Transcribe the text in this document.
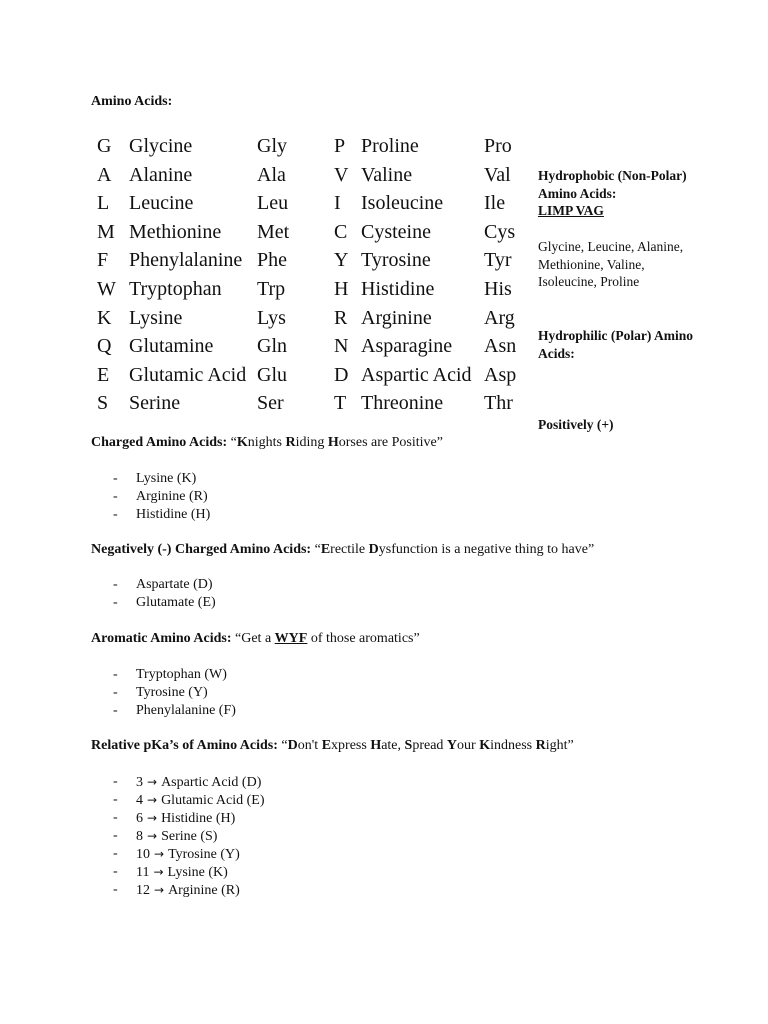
Amino Acids:
G Glycine	Gly P Proline	Pro
A Alanine	Ala V Valine	Val
L Leucine	Leu I Isoleucine Ile
M Methionine Met C Cysteine	Cys
F Phenylalanine Phe Y Tyrosine	Tyr
W Tryptophan Trp H Histidine His
K Lysine	Lys R Arginine	Arg
Q Glutamine Gln N Asparagine Asn
E Glutamic Acid Glu D Aspartic Acid Asp
S Serine	Ser	T Threonine Thr
Hydrophobic (Non-Polar) Amino Acids:
LIMP VAG
Glycine, Leucine, Alanine, Methionine, Valine, Isoleucine, Proline
Hydrophilic (Polar) Amino Acids:
Positively (+)
Charged Amino Acids: “Knights Riding Horses are Positive”
- Lysine (K)
- Arginine (R)
- Histidine (H)
Negatively (-) Charged Amino Acids: “Erectile Dysfunction is a negative thing to have”
- Aspartate (D)
- Glutamate (E)
Aromatic Amino Acids: “Get a WYF of those aromatics”
- Tryptophan (W)
- Tyrosine (Y)
- Phenylalanine (F)
Relative pKa’s of Amino Acids: “Don't Express Hate, Spread Your Kindness Right”
- 3 → Aspartic Acid (D)
- 4 → Glutamic Acid (E)
- 6 → Histidine (H)
- 8 → Serine (S)
- 10 → Tyrosine (Y)
- 11 → Lysine (K)
- 12 → Arginine (R)
